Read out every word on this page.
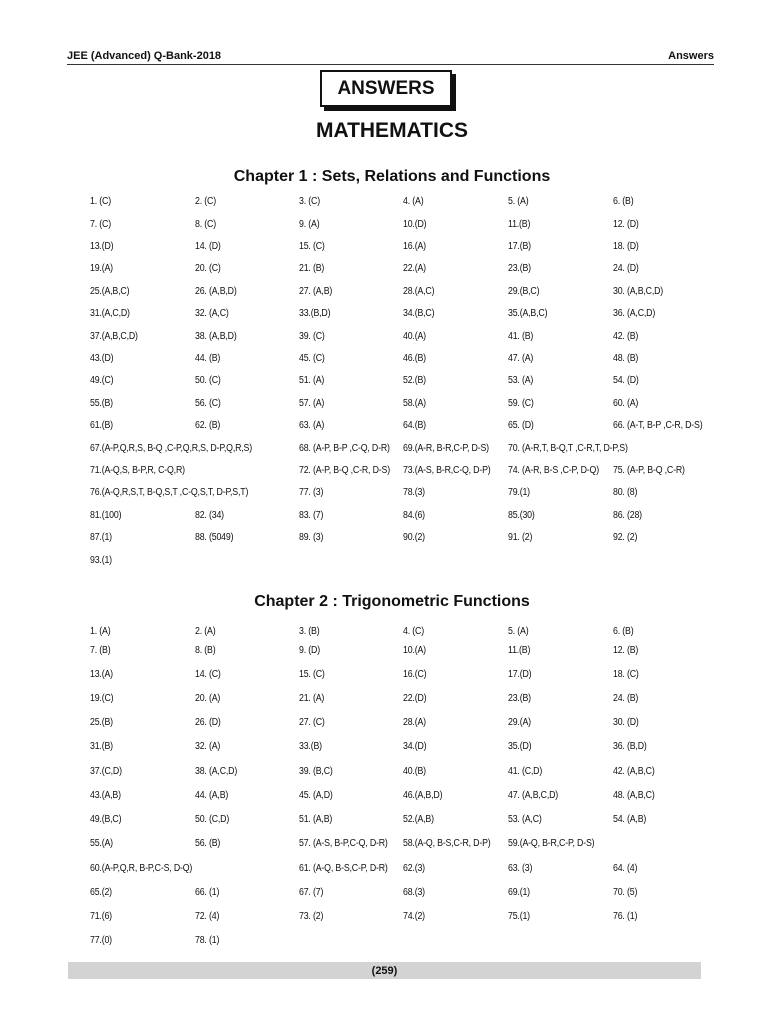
JEE (Advanced) Q-Bank-2018	Answers
ANSWERS
MATHEMATICS
Chapter 1 : Sets, Relations and Functions
Chapter 2 : Trigonometric Functions
1. (C)	2. (C)	3. (C)	4. (A)	5. (A)	6. (B)
7. (C)	8. (C)	9. (A)	10.(D)	11.(B)	12. (D)
13.(D)	14. (D)	15. (C)	16.(A)	17.(B)	18. (D)
19.(A)	20. (C)	21. (B)	22.(A)	23.(B)	24. (D)
25.(A,B,C)	26. (A,B,D)	27. (A,B)	28.(A,C)	29.(B,C)	30. (A,B,C,D)
31.(A,C,D)	32. (A,C)	33.(B,D)	34.(B,C)	35.(A,B,C)	36. (A,C,D)
37.(A,B,C,D)	38. (A,B,D)	39. (C)	40.(A)	41. (B)	42. (B)
43.(D)	44. (B)	45. (C)	46.(B)	47. (A)	48. (B)
49.(C)	50. (C)	51. (A)	52.(B)	53. (A)	54. (D)
55.(B)	56. (C)	57. (A)	58.(A)	59. (C)	60. (A)
61.(B)	62. (B)	63. (A)	64.(B)	65. (D)	66. (A-T, B-P ,C-R, D-S)
67.(A-P,Q,R,S, B-Q ,C-P,Q,R,S, D-P,Q,R,S)	68. (A-P, B-P ,C-Q, D-R) 69.(A-R, B-R,C-P, D-S) 70. (A-R,T, B-Q,T ,C-R,T, D-P,S)
71.(A-Q,S, B-P,R, C-Q,R)	72. (A-P, B-Q ,C-R, D-S) 73.(A-S, B-R,C-Q, D-P) 74. (A-R, B-S ,C-P, D-Q) 75. (A-P, B-Q ,C-R)
76.(A-Q,R,S,T, B-Q,S,T ,C-Q,S,T, D-P,S,T)	77. (3)	78.(3)	79.(1)	80. (8)
81.(100)	82. (34)	83. (7)	84.(6)	85.(30)	86. (28)
87.(1)	88. (5049)	89. (3)	90.(2)	91. (2)	92. (2)
93.(1)
1. (A)	2. (A)	3. (B)	4. (C)	5. (A)	6. (B)
7. (B)	8. (B)	9. (D)	10.(A)	11.(B)	12. (B)
13.(A)	14. (C)	15. (C)	16.(C)	17.(D)	18. (C)
19.(C)	20. (A)	21. (A)	22.(D)	23.(B)	24. (B)
25.(B)	26. (D)	27. (C)	28.(A)	29.(A)	30. (D)
31.(B)	32. (A)	33.(B)	34.(D)	35.(D)	36. (B,D)
37.(C,D)	38. (A,C,D)	39. (B,C)	40.(B)	41. (C,D)	42. (A,B,C)
43.(A,B)	44. (A,B)	45. (A,D)	46.(A,B,D)	47. (A,B,C,D)	48. (A,B,C)
49.(B,C)	50. (C,D)	51. (A,B)	52.(A,B)	53. (A,C)	54. (A,B)
55.(A)	56. (B)	57. (A-S, B-P,C-Q, D-R) 58.(A-Q, B-S,C-R, D-P) 59.(A-Q, B-R,C-P, D-S)
60.(A-P,Q,R, B-P,C-S, D-Q)	61. (A-Q, B-S,C-P, D-R) 62.(3)	63. (3)	64. (4)
65.(2)	66. (1)	67. (7)	68.(3)	69.(1)	70. (5)
71.(6)	72. (4)	73. (2)	74.(2)	75.(1)	76. (1)
77.(0)	78. (1)
(259)
